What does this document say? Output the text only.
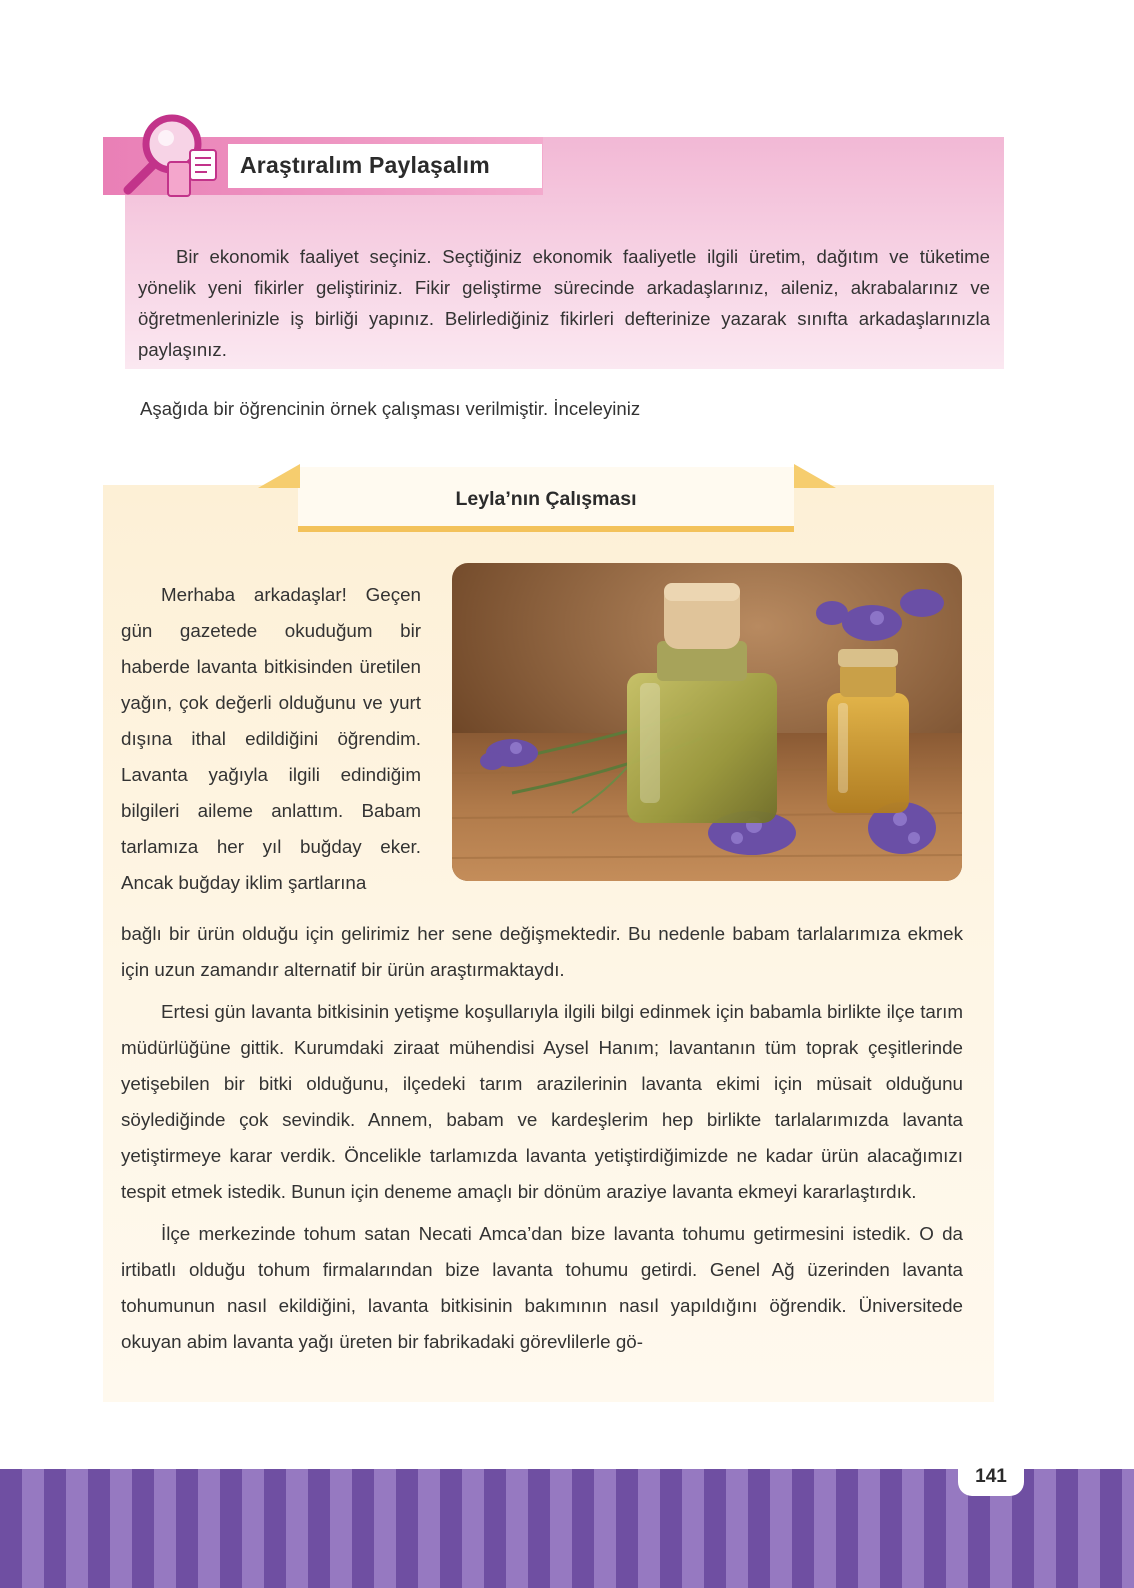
Araştıralım Paylaşalım

Bir ekonomik faaliyet seçiniz. Seçtiğiniz ekonomik faaliyetle ilgili üretim, dağıtım ve tüketime yönelik yeni fikirler geliştiriniz. Fikir geliştirme sürecinde arkadaşlarınız, aileniz, akrabalarınız ve öğretmenlerinizle iş birliği yapınız. Belirlediğiniz fikirleri defterinize yazarak sınıfta arkadaşlarınızla paylaşınız.

Aşağıda bir öğrencinin örnek çalışması verilmiştir. İnceleyiniz
Leyla’nın Çalışması

Merhaba arkadaşlar! Geçen gün gazetede okuduğum bir haberde lavanta bitkisinden üretilen yağın, çok değerli olduğunu ve yurt dışına ithal edildiğini öğrendim. Lavanta yağıyla ilgili edindiğim bilgileri aileme anlattım. Babam tarlamıza her yıl buğday eker. Ancak buğday iklim şartlarına

bağlı bir ürün olduğu için gelirimiz her sene değişmektedir. Bu nedenle babam tarlalarımıza ekmek için uzun zamandır alternatif bir ürün araştırmaktaydı.

Ertesi gün lavanta bitkisinin yetişme koşullarıyla ilgili bilgi edinmek için babamla birlikte ilçe tarım müdürlüğüne gittik. Kurumdaki ziraat mühendisi Aysel Hanım; lavantanın tüm toprak çeşitlerinde yetişebilen bir bitki olduğunu, ilçedeki tarım arazilerinin lavanta ekimi için müsait olduğunu söylediğinde çok sevindik. Annem, babam ve kardeşlerim hep birlikte tarlalarımızda lavanta yetiştirmeye karar verdik. Öncelikle tarlamızda lavanta yetiştirdiğimizde ne kadar ürün alacağımızı tespit etmek istedik. Bunun için deneme amaçlı bir dönüm araziye lavanta ekmeyi kararlaştırdık.

İlçe merkezinde tohum satan Necati Amca’dan bize lavanta tohumu getirmesini istedik. O da irtibatlı olduğu tohum firmalarından bize lavanta tohumu getirdi. Genel Ağ üzerinden lavanta tohumunun nasıl ekildiğini, lavanta bitkisinin bakımının nasıl yapıldığını öğrendik. Üniversitede okuyan abim lavanta yağı üreten bir fabrikadaki görevlilerle gö-

141
